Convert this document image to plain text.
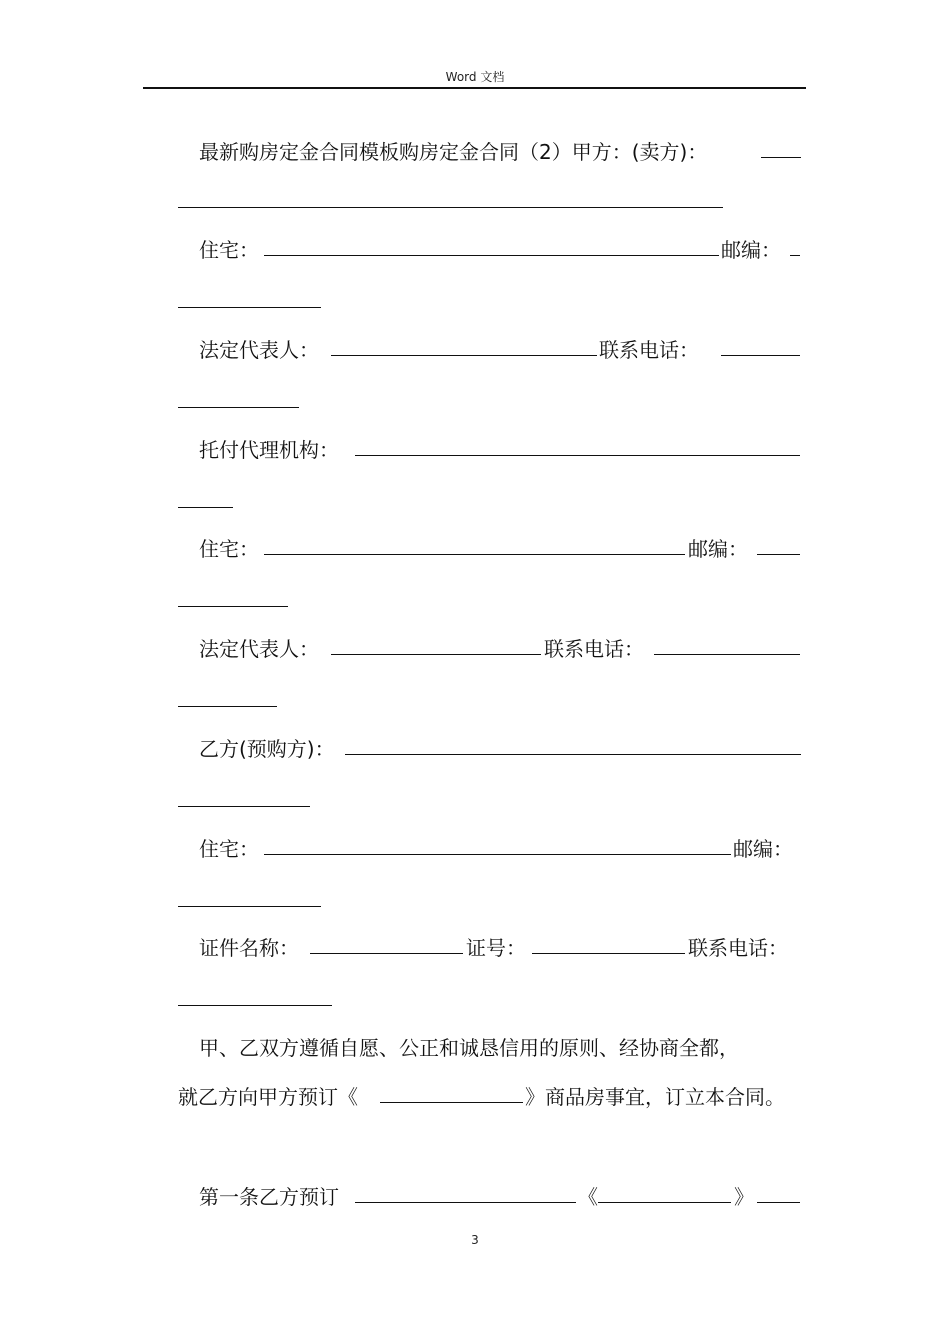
Word 文档
最新购房定金合同模板购房定金合同（2）甲方：(卖方)：
住宅：	邮编：
法定代表人：	联系电话：
托付代理机构：
住宅：	邮编：
法定代表人：	联系电话：
乙方(预购方)：
住宅：	邮编：
证件名称：	证号：	联系电话：
甲、乙双方遵循自愿、公正和诚恳信用的原则、经协商全都，
就乙方向甲方预订《	》商品房事宜，订立本合同。
第一条乙方预订	《	》
3
